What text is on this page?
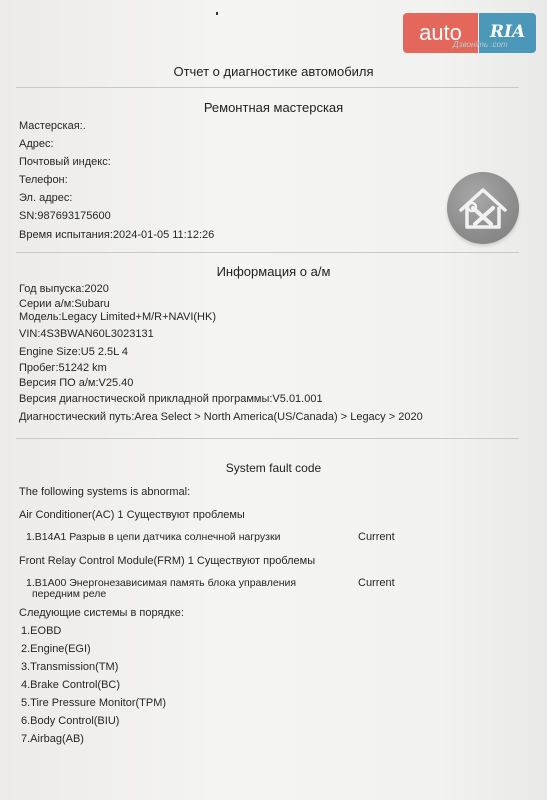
auto	RIA
Дзвоніть .com
Отчет о диагностике автомобиля
Ремонтная мастерская
Мастерская:.
Адрес:
Почтовый индекс:
Телефон:
Эл. адрес:
SN:987693175600
Время испытания:2024-01-05 11:12:26
Информация о а/м
Год выпуска:2020
Серии а/м:Subaru
Модель:Legacy Limited+M/R+NAVI(HK)
VIN:4S3BWAN60L3023131
Engine Size:U5 2.5L 4
Пробег:51242 km
Версия ПО а/м:V25.40
Версия диагностической прикладной программы:V5.01.001
Диагностический путь:Area Select > North America(US/Canada) > Legacy > 2020
System fault code
The following systems is abnormal:
Air Conditioner(AC) 1 Существуют проблемы
1.B14A1 Разрыв в цепи датчика солнечной нагрузки	Current
Front Relay Control Module(FRM) 1 Существуют проблемы
1.B1A00 Энергонезависимая память блока управления
передним реле
Current
Следующие системы в порядке:
1.EOBD
2.Engine(EGI)
3.Transmission(TM)
4.Brake Control(BC)
5.Tire Pressure Monitor(TPM)
6.Body Control(BIU)
7.Airbag(AB)
